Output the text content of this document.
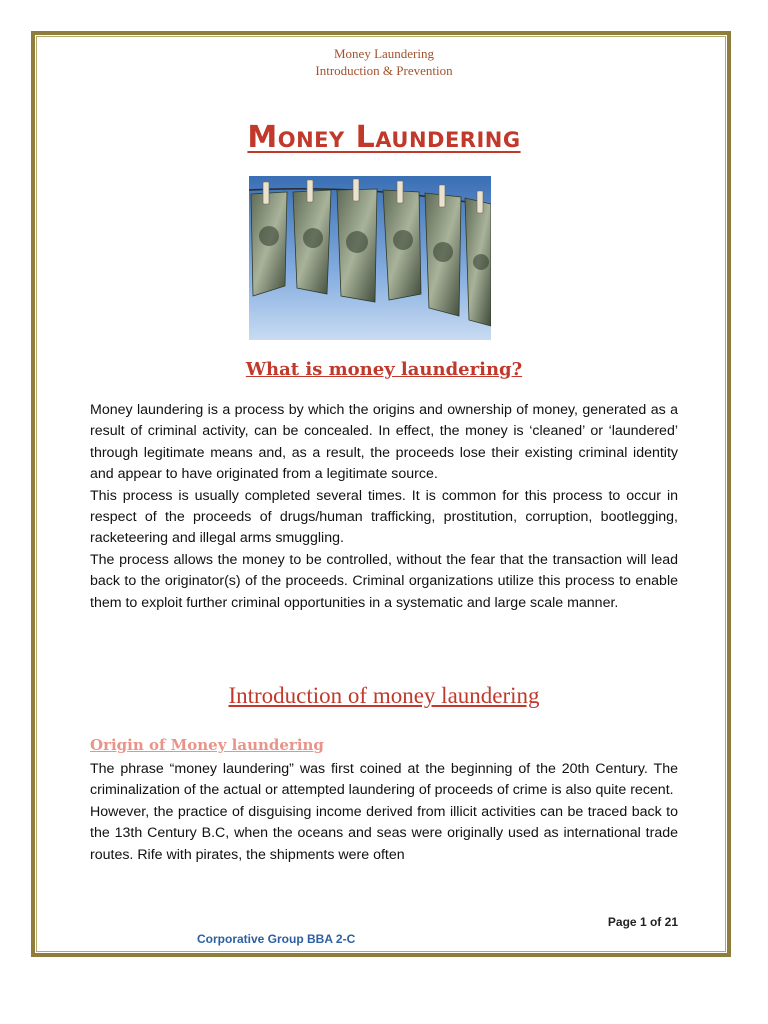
Money Laundering
Introduction & Prevention
Money Laundering
What is money laundering?

Money laundering is a process by which the origins and ownership of money, generated as a result of criminal activity, can be concealed. In effect, the money is ‘cleaned’ or ‘laundered’ through legitimate means and, as a result, the proceeds lose their existing criminal identity and appear to have originated from a legitimate source.

This process is usually completed several times. It is common for this process to occur in respect of the proceeds of drugs/human trafficking, prostitution, corruption, bootlegging, racketeering and illegal arms smuggling.

The process allows the money to be controlled, without the fear that the transaction will lead back to the originator(s) of the proceeds. Criminal organizations utilize this process to enable them to exploit further criminal opportunities in a systematic and large scale manner.

Introduction of money laundering
Origin of Money laundering

The phrase “money laundering” was first coined at the beginning of the 20th Century. The criminalization of the actual or attempted laundering of proceeds of crime is also quite recent.

However, the practice of disguising income derived from illicit activities can be traced back to the 13th Century B.C, when the oceans and seas were originally used as international trade routes. Rife with pirates, the shipments were often

Page 1 of 21
Corporative Group BBA 2-C
